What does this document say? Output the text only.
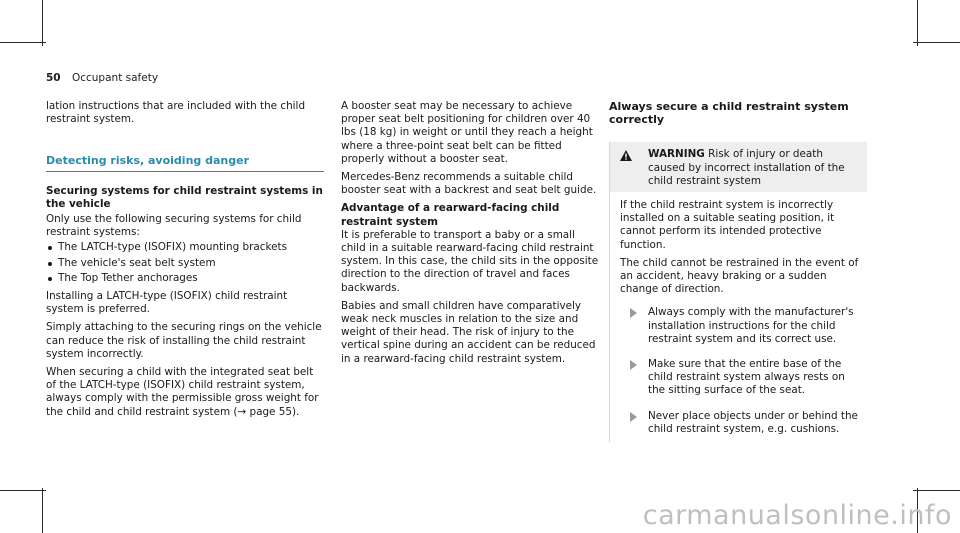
50 Occupant safety

lation instructions that are included with the child restraint system.

Detecting risks, avoiding danger

Securing systems for child restraint systems in the vehicle

Only use the following securing systems for child restraint systems:

The LATCH-type (ISOFIX) mounting brackets
The vehicle's seat belt system
The Top Tether anchorages

Installing a LATCH-type (ISOFIX) child restraint system is preferred.

Simply attaching to the securing rings on the vehicle can reduce the risk of installing the child restraint system incorrectly.

When securing a child with the integrated seat belt of the LATCH-type (ISOFIX) child restraint system, always comply with the permissible gross weight for the child and child restraint system (→ page 55).

A booster seat may be necessary to achieve proper seat belt positioning for children over 40 lbs (18 kg) in weight or until they reach a height where a three-point seat belt can be fitted properly without a booster seat.

Mercedes-Benz recommends a suitable child booster seat with a backrest and seat belt guide.

Advantage of a rearward-facing child restraint system

It is preferable to transport a baby or a small child in a suitable rearward-facing child restraint system. In this case, the child sits in the opposite direction to the direction of travel and faces backwards.

Babies and small children have comparatively weak neck muscles in relation to the size and weight of their head. The risk of injury to the vertical spine during an accident can be reduced in a rearward-facing child restraint system.

Always secure a child restraint system correctly
WARNING Risk of injury or death caused by incorrect installation of the child restraint system

If the child restraint system is incorrectly installed on a suitable seating position, it cannot perform its intended protective function.

The child cannot be restrained in the event of an accident, heavy braking or a sudden change of direction.

Always comply with the manufacturer's installation instructions for the child restraint system and its correct use.
Make sure that the entire base of the child restraint system always rests on the sitting surface of the seat.
Never place objects under or behind the child restraint system, e.g. cushions.
carmanualsonline.info
